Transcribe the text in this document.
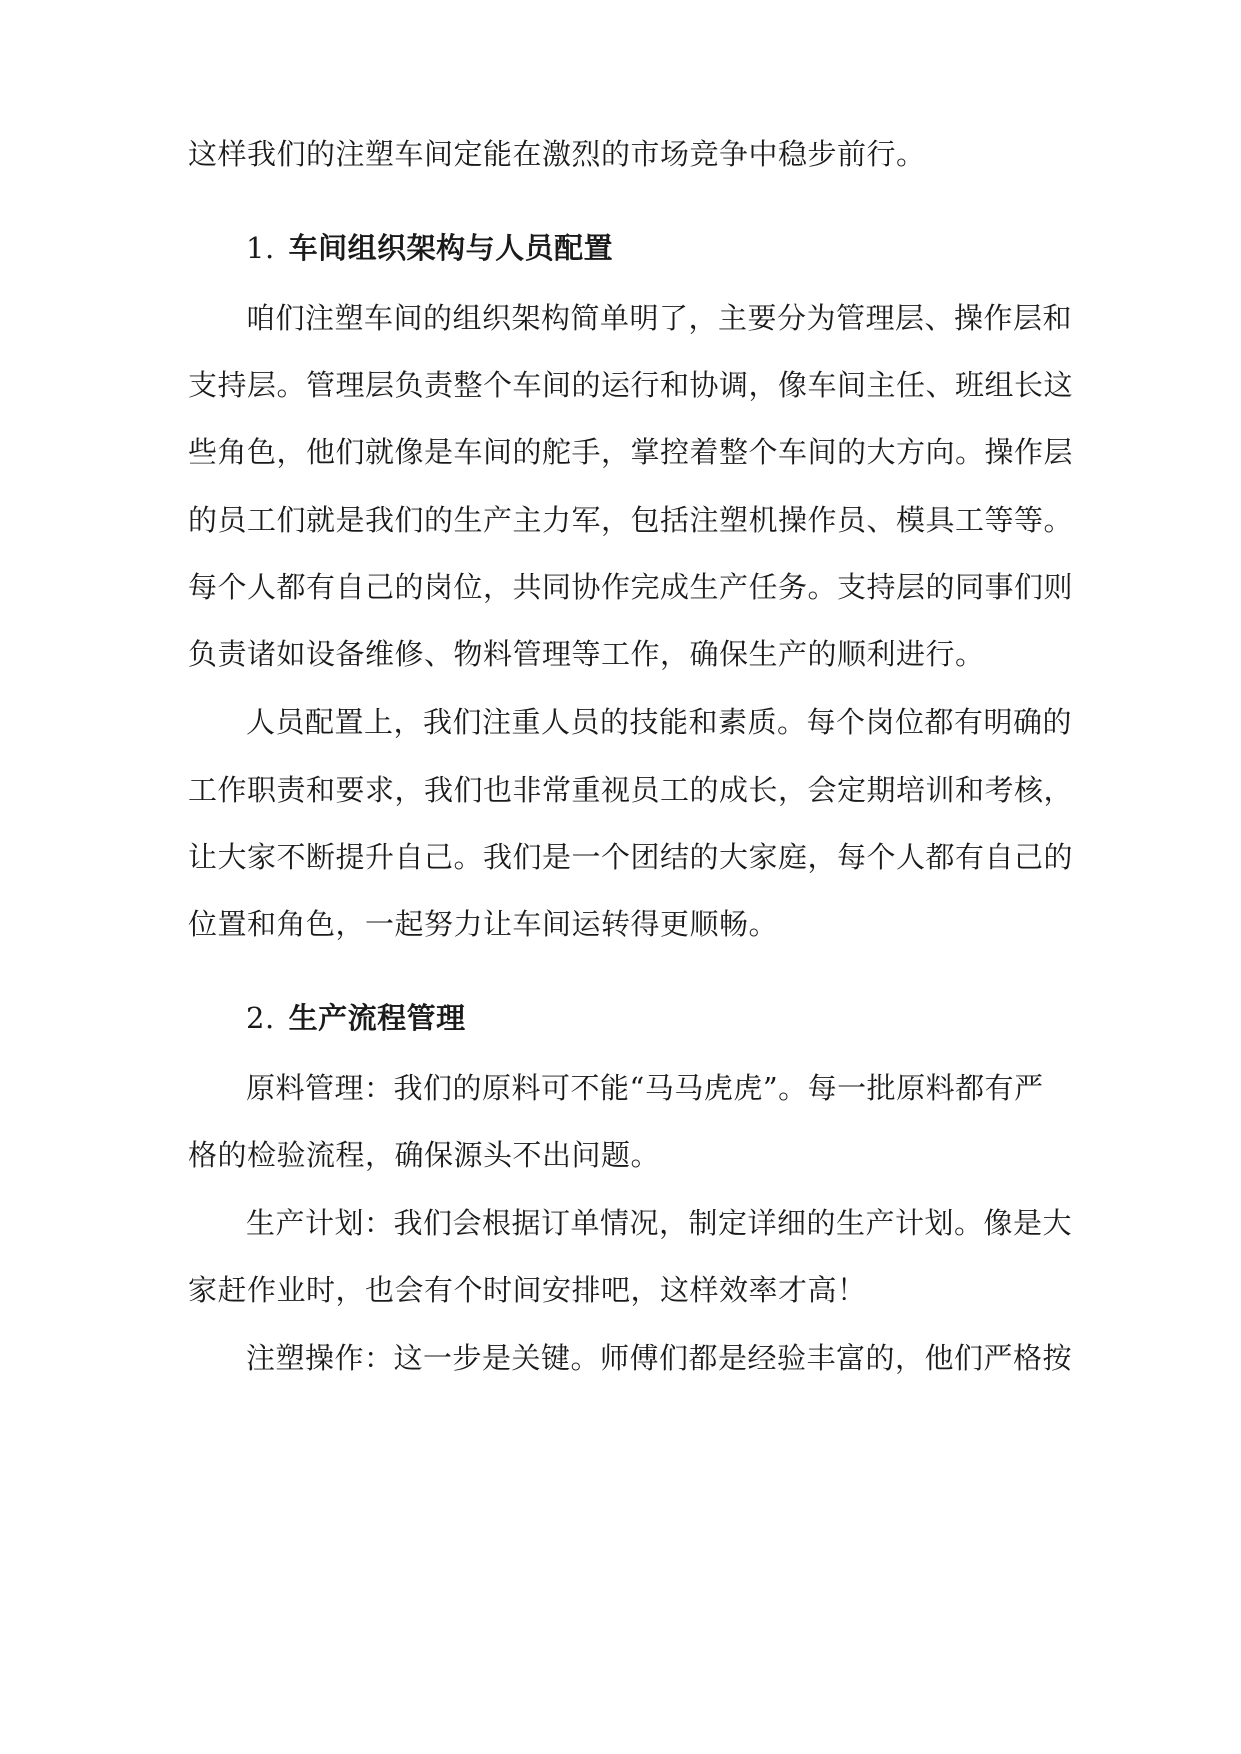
这样我们的注塑车间定能在激烈的市场竞争中稳步前行。
1. 车间组织架构与人员配置
咱们注塑车间的组织架构简单明了，主要分为管理层、操作层和
支持层。管理层负责整个车间的运行和协调，像车间主任、班组长这
些角色，他们就像是车间的舵手，掌控着整个车间的大方向。操作层
的员工们就是我们的生产主力军，包括注塑机操作员、模具工等等。
每个人都有自己的岗位，共同协作完成生产任务。支持层的同事们则
负责诸如设备维修、物料管理等工作，确保生产的顺利进行。
人员配置上，我们注重人员的技能和素质。每个岗位都有明确的
工作职责和要求，我们也非常重视员工的成长，会定期培训和考核，
让大家不断提升自己。我们是一个团结的大家庭，每个人都有自己的
位置和角色，一起努力让车间运转得更顺畅。
2. 生产流程管理
原料管理：我们的原料可不能“马马虎虎”。每一批原料都有严
格的检验流程，确保源头不出问题。
生产计划：我们会根据订单情况，制定详细的生产计划。像是大
家赶作业时，也会有个时间安排吧，这样效率才高！
注塑操作：这一步是关键。师傅们都是经验丰富的，他们严格按
